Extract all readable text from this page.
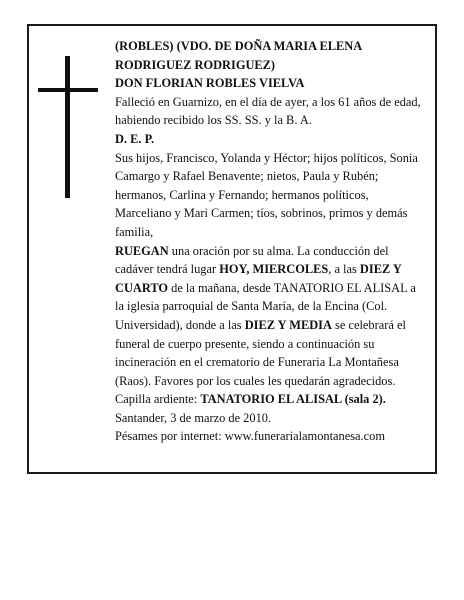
(ROBLES) (VDO. DE DOÑA MARIA ELENA RODRIGUEZ RODRIGUEZ)

DON FLORIAN ROBLES VIELVA

Falleció en Guarnizo, en el día de ayer, a los 61 años de edad, habiendo recibido los SS. SS. y la B. A.

D. E. P.

Sus hijos, Francisco, Yolanda y Héctor; hijos políticos, Sonia Camargo y Rafael Benavente; nietos, Paula y Rubén; hermanos, Carlina y Fernando; hermanos políticos, Marceliano y Mari Carmen; tíos, sobrinos, primos y demás familia,

RUEGAN una oración por su alma. La conducción del cadáver tendrá lugar HOY, MIERCOLES, a las DIEZ Y CUARTO de la mañana, desde TANATORIO EL ALISAL a la iglesia parroquial de Santa María, de la Encina (Col. Universidad), donde a las DIEZ Y MEDIA se celebrará el funeral de cuerpo presente, siendo a continuación su incineración en el crematorio de Funeraria La Montañesa (Raos). Favores por los cuales les quedarán agradecidos. Capilla ardiente: TANATORIO EL ALISAL (sala 2).

Santander, 3 de marzo de 2010.

Pésames por internet: www.funerarialamontanesa.com
